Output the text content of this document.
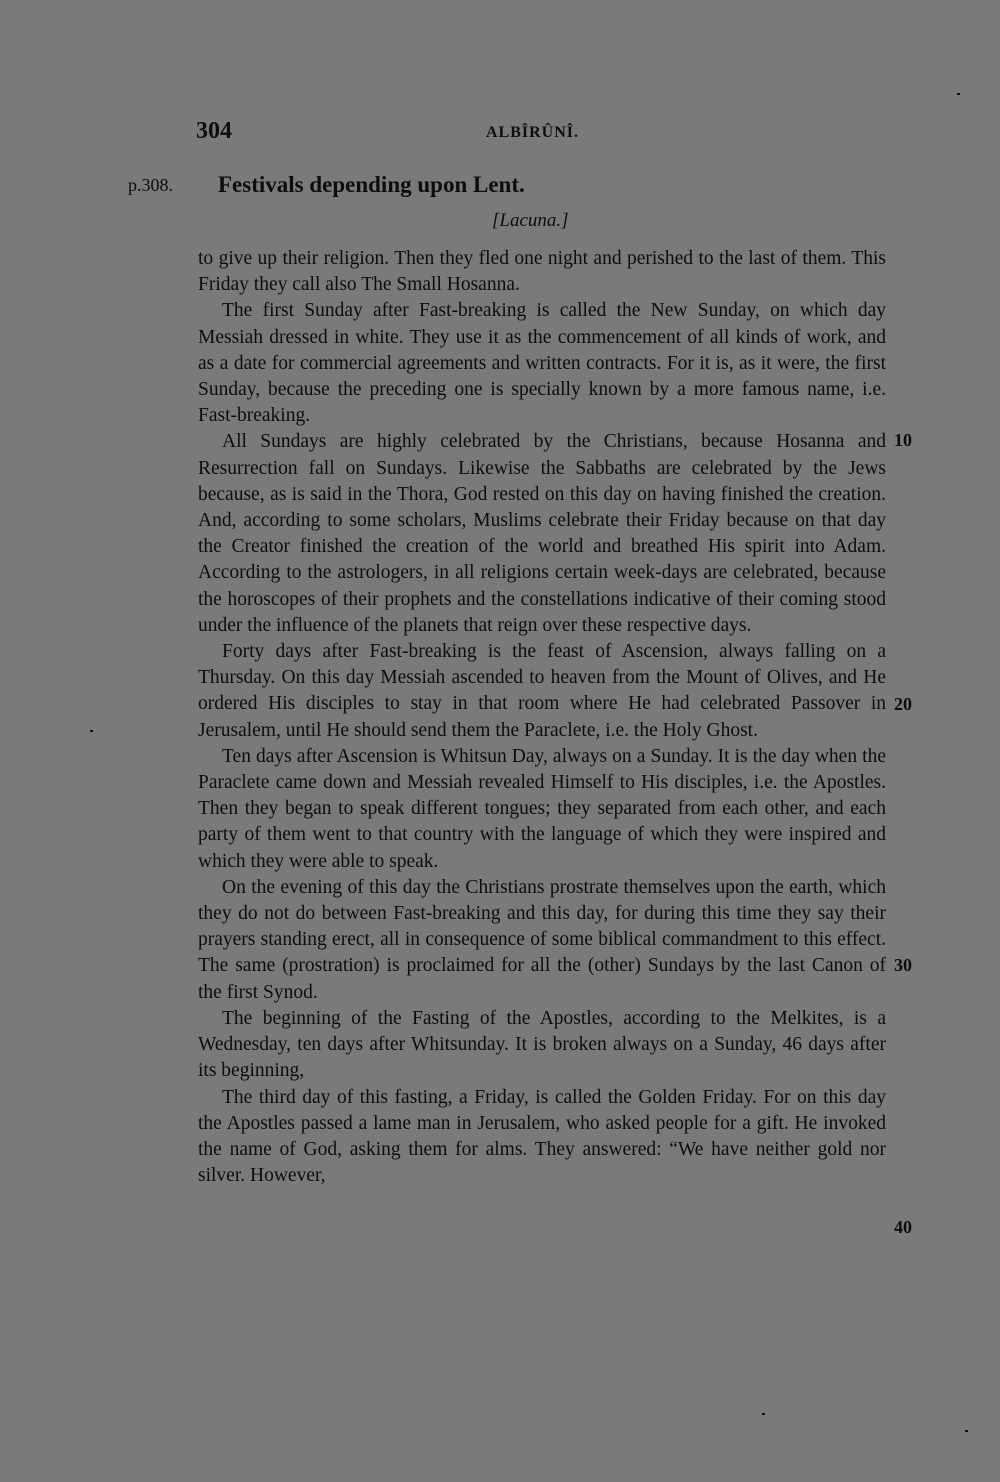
304	ALBÎRÛNÎ.
p.308. Festivals depending upon Lent.
[Lacuna.]

to give up their religion. Then they fled one night and perished to the last of them. This Friday they call also The Small Hosanna.

The first Sunday after Fast-breaking is called the New Sunday, on which day Messiah dressed in white. They use it as the commencement of all kinds of work, and as a date for commercial agreements and written contracts. For it is, as it were, the first Sunday, because the preceding one is specially known by a more famous name, i.e. Fast-breaking.

All Sundays are highly celebrated by the Christians, because Hosanna and Resurrection fall on Sundays. Likewise the Sabbaths are celebrated by the Jews because, as is said in the Thora, God rested on this day on having finished the creation. And, according to some scholars, Muslims celebrate their Friday because on that day the Creator finished the creation of the world and breathed His spirit into Adam. According to the astrologers, in all religions certain week-days are celebrated, because the horoscopes of their prophets and the constellations indicative of their coming stood under the influence of the planets that reign over these respective days.

Forty days after Fast-breaking is the feast of Ascension, always falling on a Thursday. On this day Messiah ascended to heaven from the Mount of Olives, and He ordered His disciples to stay in that room where He had celebrated Passover in Jerusalem, until He should send them the Paraclete, i.e. the Holy Ghost.

Ten days after Ascension is Whitsun Day, always on a Sunday. It is the day when the Paraclete came down and Messiah revealed Himself to His disciples, i.e. the Apostles. Then they began to speak different tongues; they separated from each other, and each party of them went to that country with the language of which they were inspired and which they were able to speak.

On the evening of this day the Christians prostrate themselves upon the earth, which they do not do between Fast-breaking and this day, for during this time they say their prayers standing erect, all in consequence of some biblical commandment to this effect. The same (prostration) is proclaimed for all the (other) Sundays by the last Canon of the first Synod.

The beginning of the Fasting of the Apostles, according to the Melkites, is a Wednesday, ten days after Whitsunday. It is broken always on a Sunday, 46 days after its beginning,

The third day of this fasting, a Friday, is called the Golden Friday. For on this day the Apostles passed a lame man in Jerusalem, who asked people for a gift. He invoked the name of God, asking them for alms. They answered: “We have neither gold nor silver. However,

10
20
30
40
